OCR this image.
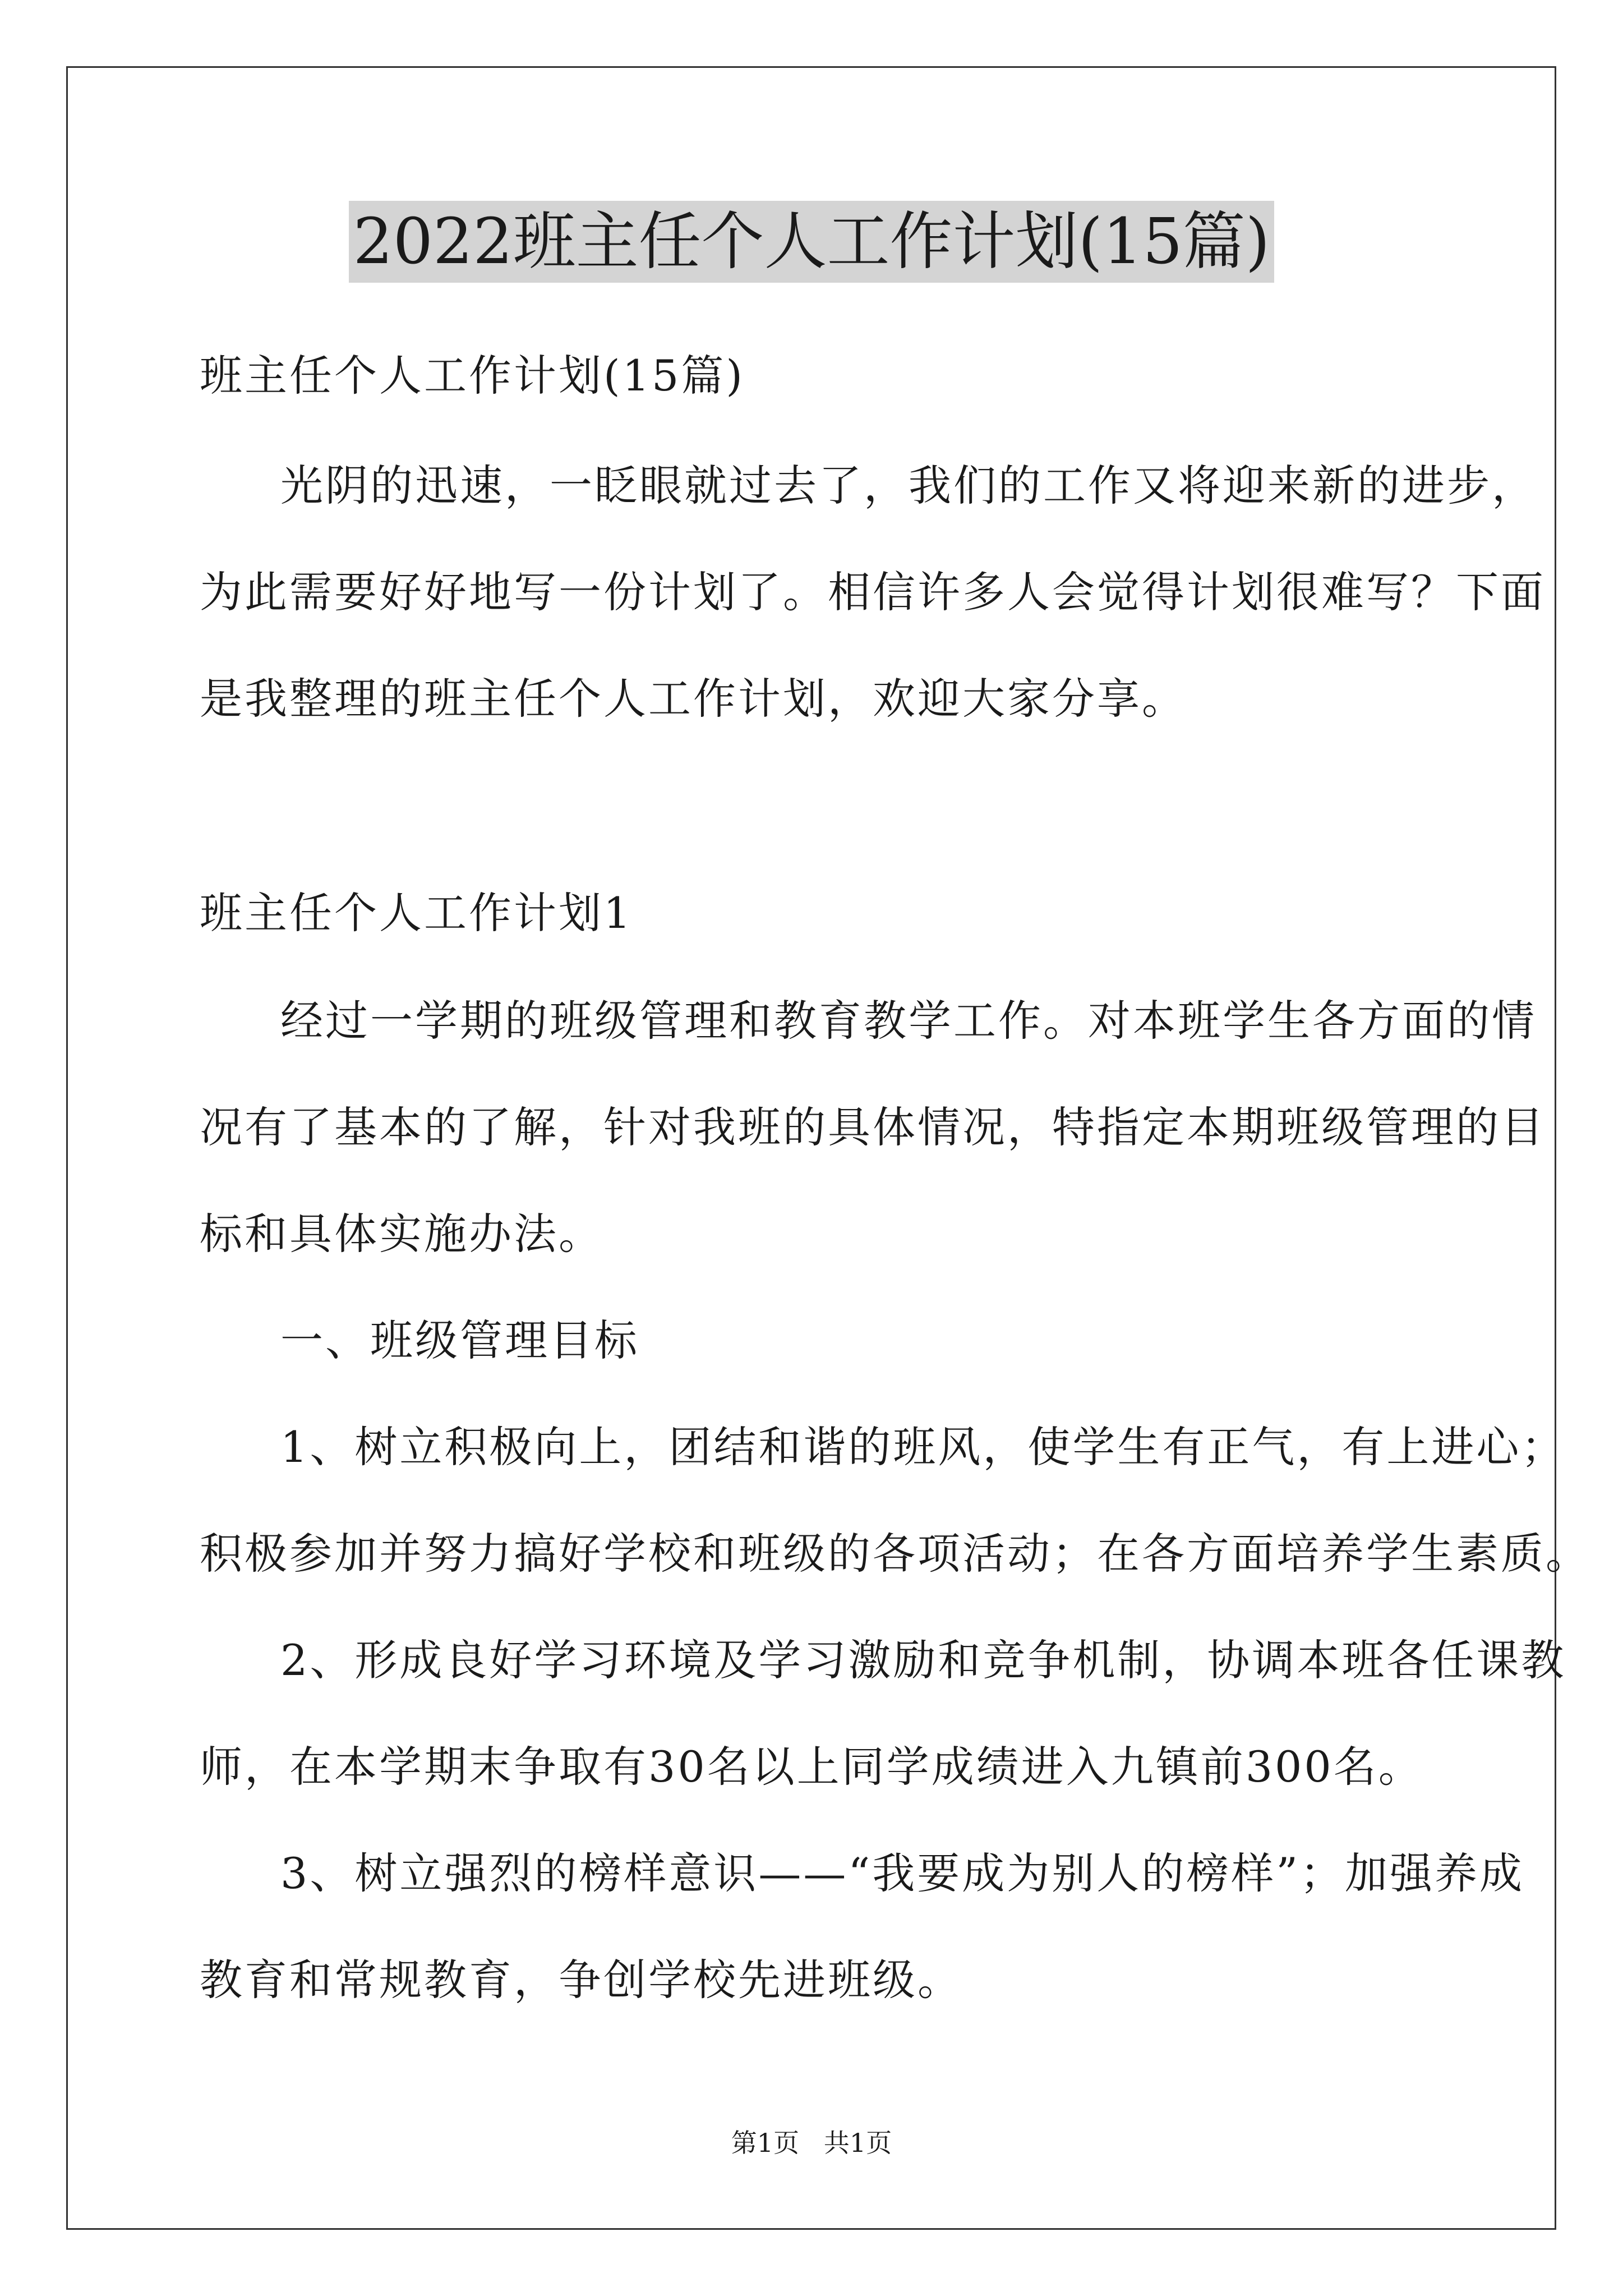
2022班主任个人工作计划(15篇)
班主任个人工作计划(15篇)
光阴的迅速，一眨眼就过去了，我们的工作又将迎来新的进步，
为此需要好好地写一份计划了。相信许多人会觉得计划很难写？下面
是我整理的班主任个人工作计划，欢迎大家分享。
班主任个人工作计划1
经过一学期的班级管理和教育教学工作。对本班学生各方面的情
况有了基本的了解，针对我班的具体情况，特指定本期班级管理的目
标和具体实施办法。
一、班级管理目标
1、树立积极向上，团结和谐的班风，使学生有正气，有上进心；
积极参加并努力搞好学校和班级的各项活动；在各方面培养学生素质。
2、形成良好学习环境及学习激励和竞争机制，协调本班各任课教
师，在本学期末争取有30名以上同学成绩进入九镇前300名。
3、树立强烈的榜样意识——“我要成为别人的榜样”；加强养成
教育和常规教育，争创学校先进班级。
第1页   共1页
